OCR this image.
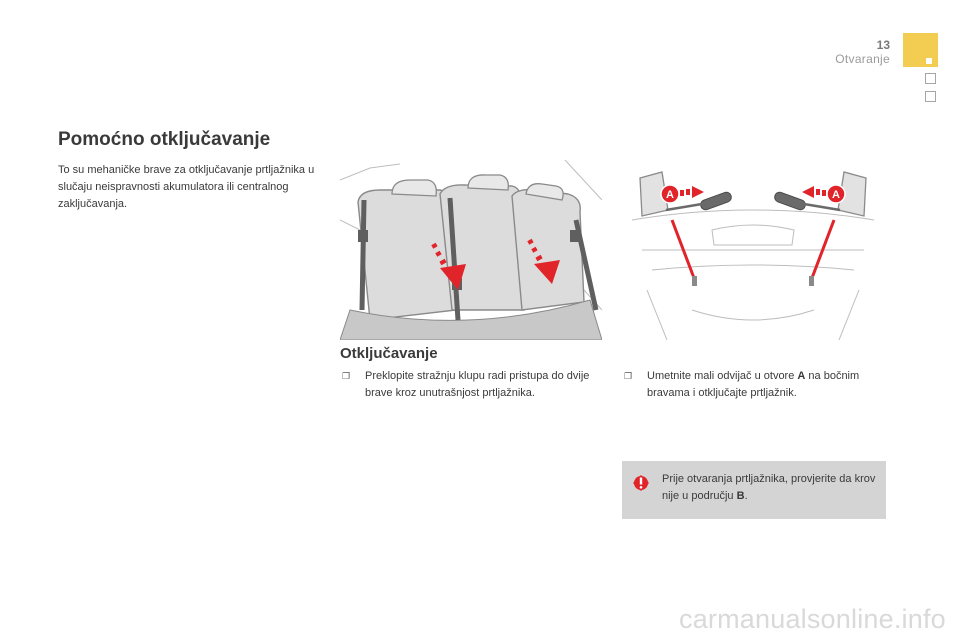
13
Otvaranje
Pomoćno otključavanje

To su mehaničke brave za otključavanje prtljažnika u slučaju neispravnosti akumulatora ili centralnog zaključavanja.

A	A
Otključavanje
❐	Preklopite stražnju klupu radi pristupa do dvije brave kroz unutrašnjost prtljažnika.
❐	Umetnite mali odvijač u otvore A na bočnim bravama i otključajte prtljažnik.
Prije otvaranja prtljažnika, provjerite da krov nije u području B.
carmanualsonline.info
